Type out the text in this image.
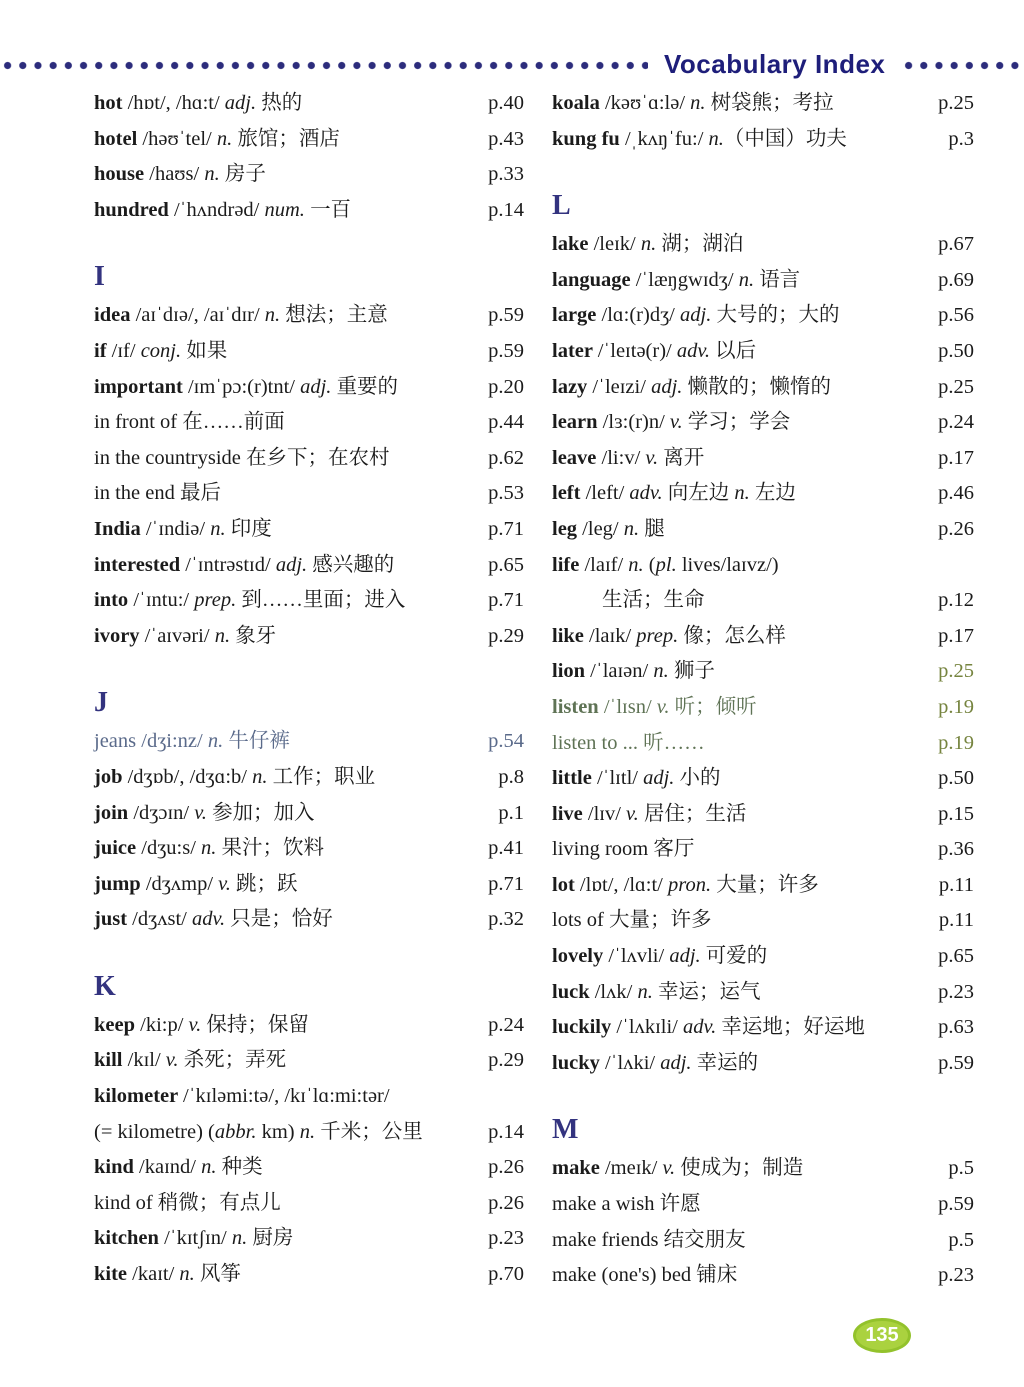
Vocabulary Index
hot /hɒt/, /hɑ:t/ adj. 热的	p.40
hotel /həʊˈtel/ n. 旅馆；酒店	p.43
house /haʊs/ n. 房子	p.33
hundred /ˈhʌndrəd/ num. 一百	p.14
I
idea /aɪˈdɪə/, /aɪˈdɪr/ n. 想法；主意	p.59
if /ɪf/ conj. 如果	p.59
important /ɪmˈpɔ:(r)tnt/ adj. 重要的	p.20
in front of 在……前面	p.44
in the countryside 在乡下；在农村	p.62
in the end 最后	p.53
India /ˈɪndiə/ n. 印度	p.71
interested /ˈɪntrəstɪd/ adj. 感兴趣的	p.65
into /ˈɪntu:/ prep. 到……里面；进入	p.71
ivory /ˈaɪvəri/ n. 象牙	p.29
J
jeans /dʒi:nz/ n. 牛仔裤	p.54
job /dʒɒb/, /dʒɑ:b/ n. 工作；职业	p.8
join /dʒɔɪn/ v. 参加；加入	p.1
juice /dʒu:s/ n. 果汁；饮料	p.41
jump /dʒʌmp/ v. 跳；跃	p.71
just /dʒʌst/ adv. 只是；恰好	p.32
K
keep /ki:p/ v. 保持；保留	p.24
kill /kɪl/ v. 杀死；弄死	p.29
kilometer /ˈkɪləmi:tə/, /kɪˈlɑ:mi:tər/
(= kilometre) (abbr. km) n. 千米；公里	p.14
kind /kaɪnd/ n. 种类	p.26
kind of 稍微；有点儿	p.26
kitchen /ˈkɪtʃɪn/ n. 厨房	p.23
kite /kaɪt/ n. 风筝	p.70
koala /kəʊˈɑ:lə/ n. 树袋熊；考拉	p.25
kung fu /ˌkʌŋˈfu:/ n.（中国）功夫	p.3
L
lake /leɪk/ n. 湖；湖泊	p.67
language /ˈlæŋgwɪdʒ/ n. 语言	p.69
large /lɑ:(r)dʒ/ adj. 大号的；大的	p.56
later /ˈleɪtə(r)/ adv. 以后	p.50
lazy /ˈleɪzi/ adj. 懒散的；懒惰的	p.25
learn /lɜ:(r)n/ v. 学习；学会	p.24
leave /li:v/ v. 离开	p.17
left /left/ adv. 向左边 n. 左边	p.46
leg /leg/ n. 腿	p.26
life /laɪf/ n. (pl. lives/laɪvz/)
生活；生命	p.12
like /laɪk/ prep. 像；怎么样	p.17
lion /ˈlaɪən/ n. 狮子	p.25
listen /ˈlɪsn/ v. 听；倾听	p.19
listen to ... 听……	p.19
little /ˈlɪtl/ adj. 小的	p.50
live /lɪv/ v. 居住；生活	p.15
living room 客厅	p.36
lot /lɒt/, /lɑ:t/ pron. 大量；许多	p.11
lots of 大量；许多	p.11
lovely /ˈlʌvli/ adj. 可爱的	p.65
luck /lʌk/ n. 幸运；运气	p.23
luckily /ˈlʌkɪli/ adv. 幸运地；好运地	p.63
lucky /ˈlʌki/ adj. 幸运的	p.59
M
make /meɪk/ v. 使成为；制造	p.5
make a wish 许愿	p.59
make friends 结交朋友	p.5
make (one's) bed 铺床	p.23
135
